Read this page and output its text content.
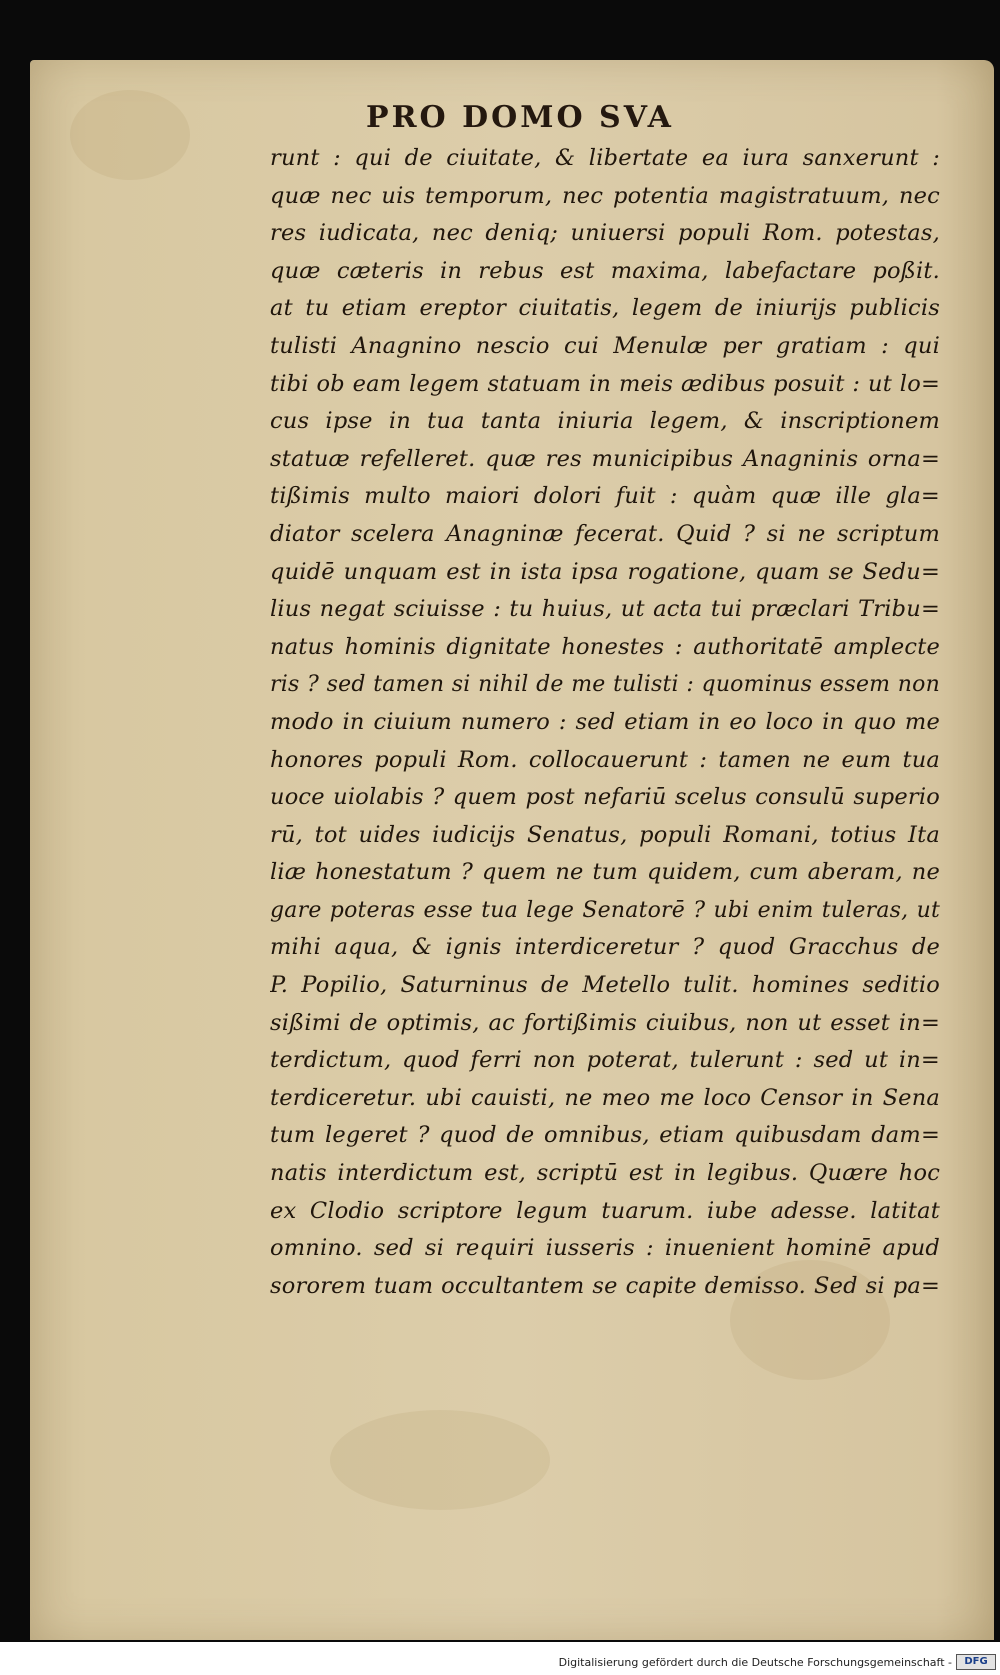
PRO DOMO SVA
runt : qui de ciuitate, & libertate ea iura sanxerunt :
quæ nec uis temporum, nec potentia magistratuum, nec
res iudicata, nec deniq; uniuersi populi Rom. potestas,
quæ cæteris in rebus est maxima, labefactare poßit.
at tu etiam ereptor ciuitatis, legem de iniurijs publicis
tulisti Anagnino nescio cui Menulæ per gratiam : qui
tibi ob eam legem statuam in meis ædibus posuit : ut lo=
cus ipse in tua tanta iniuria legem, & inscriptionem
statuæ refelleret. quæ res municipibus Anagninis orna=
tißimis multo maiori dolori fuit : quàm quæ ille gla=
diator scelera Anagninæ fecerat. Quid ? si ne scriptum
quidē unquam est in ista ipsa rogatione, quam se Sedu=
lius negat sciuisse : tu huius, ut acta tui præclari Tribu=
natus hominis dignitate honestes : authoritatē amplecte
ris ? sed tamen si nihil de me tulisti : quominus essem non
modo in ciuium numero : sed etiam in eo loco in quo me
honores populi Rom. collocauerunt : tamen ne eum tua
uoce uiolabis ? quem post nefariū scelus consulū superio
rū, tot uides iudicijs Senatus, populi Romani, totius Ita
liæ honestatum ? quem ne tum quidem, cum aberam, ne
gare poteras esse tua lege Senatorē ? ubi enim tuleras, ut
mihi aqua, & ignis interdiceretur ? quod Gracchus de
P. Popilio, Saturninus de Metello tulit. homines seditio
sißimi de optimis, ac fortißimis ciuibus, non ut esset in=
terdictum, quod ferri non poterat, tulerunt : sed ut in=
terdiceretur. ubi cauisti, ne meo me loco Censor in Sena
tum legeret ? quod de omnibus, etiam quibusdam dam=
natis interdictum est, scriptū est in legibus. Quære hoc
ex Clodio scriptore legum tuarum. iube adesse. latitat
omnino. sed si requiri iusseris : inuenient hominē apud
sororem tuam occultantem se capite demisso. Sed si pa=
Digitalisierung gefördert durch die Deutsche Forschungsgemeinschaft -	DFG
